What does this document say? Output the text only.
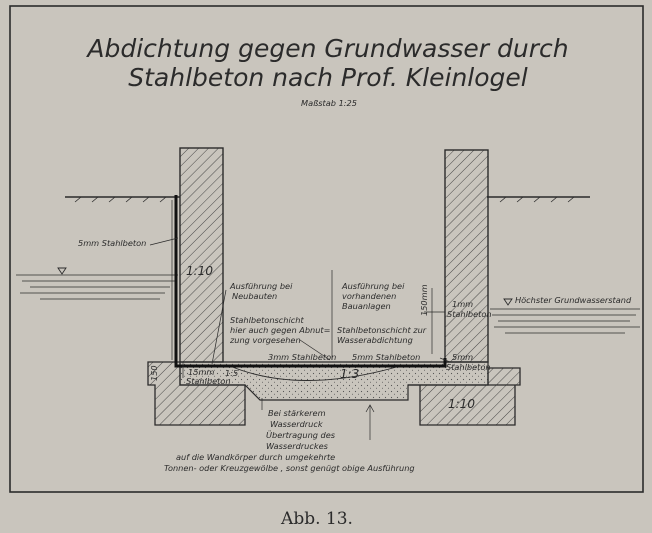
Abdichtung gegen Grundwasser durch
Stahlbeton nach Prof. Kleinlogel
Maßstab 1:25
5mm Stahlbeton
1:10
Ausführung bei
Neubauten
Ausführung bei
vorhandenen
Bauanlagen	150mm	1mm
Stahlbeton
Höchster Grundwasserstand
Stahlbetonschicht
hier auch gegen Abnut=
zung vorgesehen
Stahlbetonschicht zur
Wasserabdichtung
3mm Stahlbeton 5mm Stahlbeton	5mm
Stahlbeton
15mm
Stahlbeton
150	1:5	1:3
1:10
Bei stärkerem
Wasserdruck
Übertragung des
Wasserdruckes
auf die Wandkörper durch umgekehrte
Tonnen- oder Kreuzgewölbe , sonst genügt obige Ausführung
Abb. 13.
